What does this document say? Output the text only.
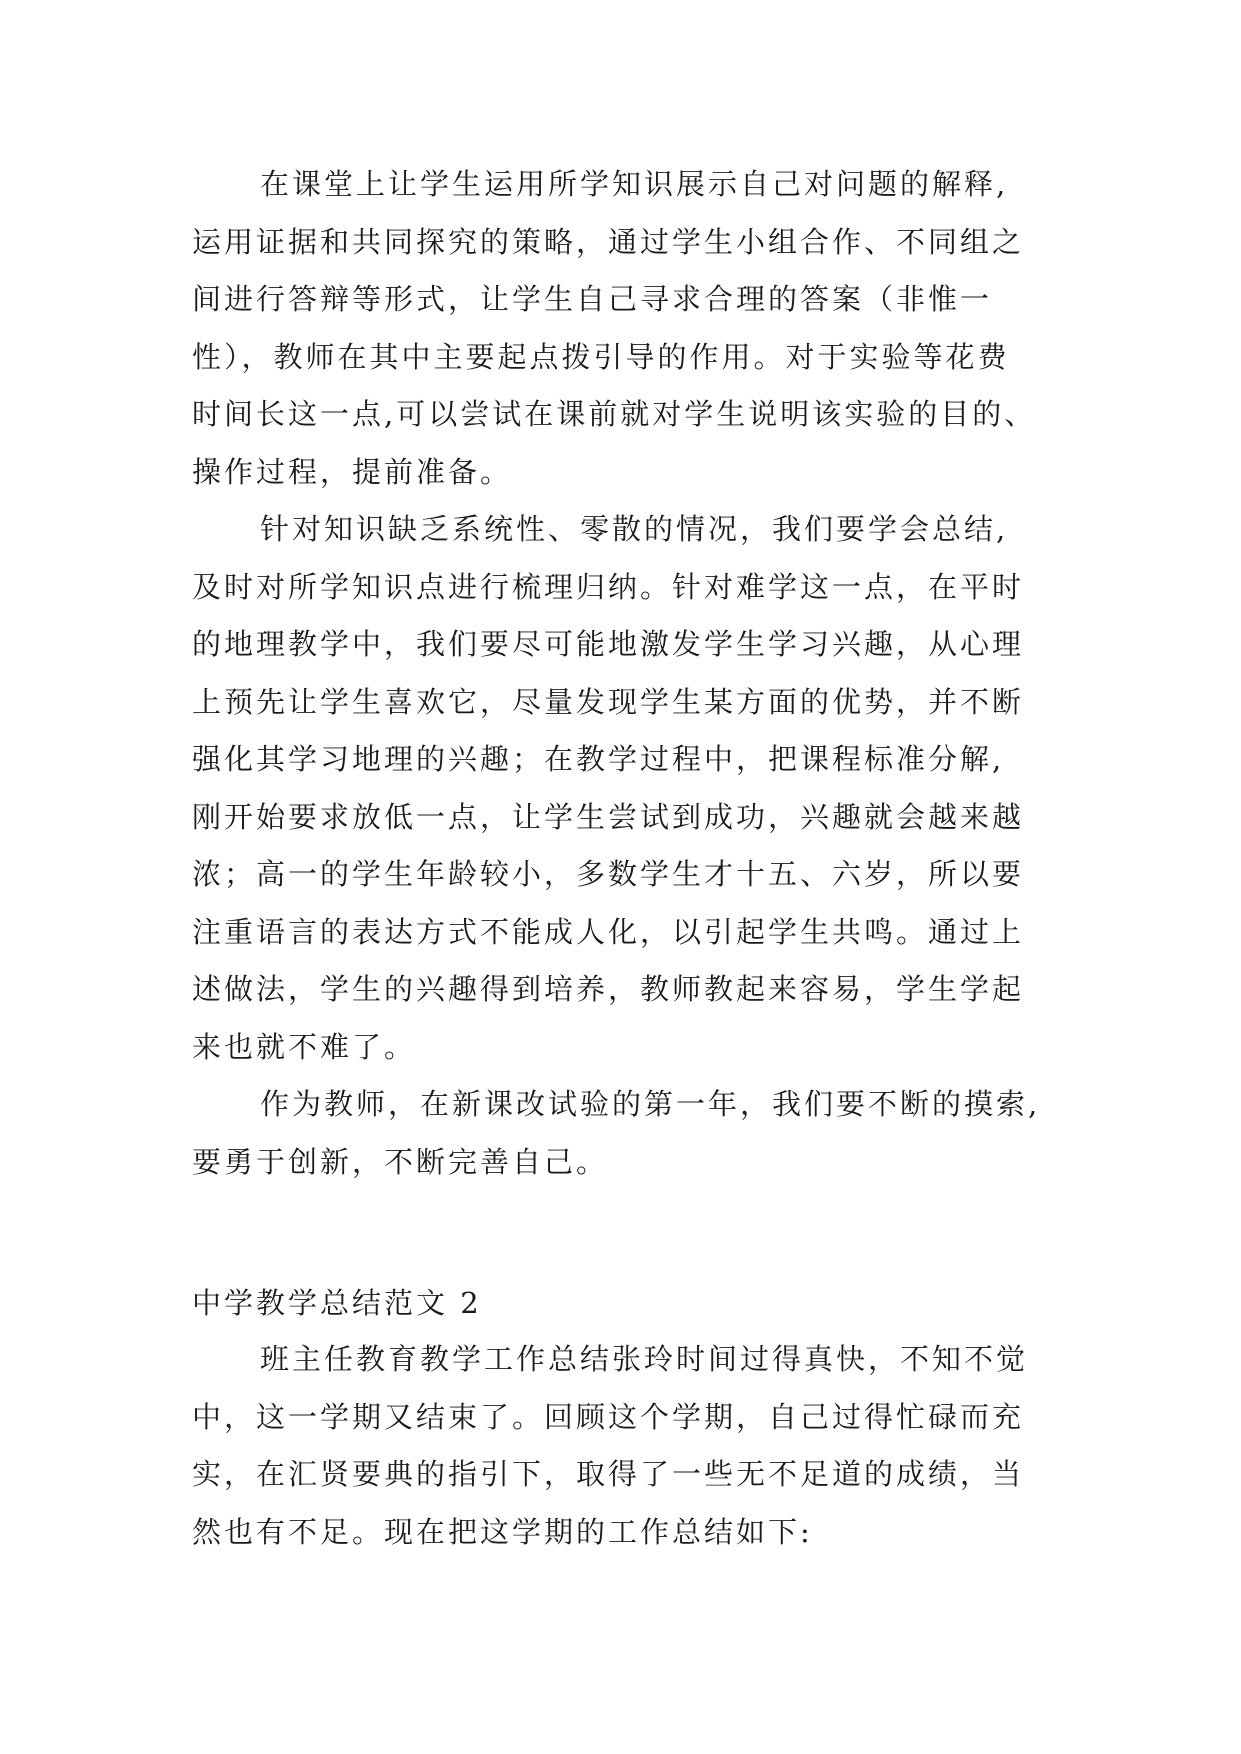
在课堂上让学生运用所学知识展示自己对问题的解释,
运用证据和共同探究的策略，通过学生小组合作、不同组之
间进行答辩等形式，让学生自己寻求合理的答案（非惟一
性），教师在其中主要起点拨引导的作用。对于实验等花费
时间长这一点,可以尝试在课前就对学生说明该实验的目的、
操作过程，提前准备。
针对知识缺乏系统性、零散的情况，我们要学会总结,
及时对所学知识点进行梳理归纳。针对难学这一点，在平时
的地理教学中，我们要尽可能地激发学生学习兴趣，从心理
上预先让学生喜欢它，尽量发现学生某方面的优势，并不断
强化其学习地理的兴趣；在教学过程中，把课程标准分解,
刚开始要求放低一点，让学生尝试到成功，兴趣就会越来越
浓；高一的学生年龄较小，多数学生才十五、六岁，所以要
注重语言的表达方式不能成人化，以引起学生共鸣。通过上
述做法，学生的兴趣得到培养，教师教起来容易，学生学起
来也就不难了。
作为教师，在新课改试验的第一年，我们要不断的摸索,
要勇于创新，不断完善自己。
中学教学总结范文 2
班主任教育教学工作总结张玲时间过得真快，不知不觉
中，这一学期又结束了。回顾这个学期，自己过得忙碌而充
实，在汇贤要典的指引下，取得了一些无不足道的成绩，当
然也有不足。现在把这学期的工作总结如下:
